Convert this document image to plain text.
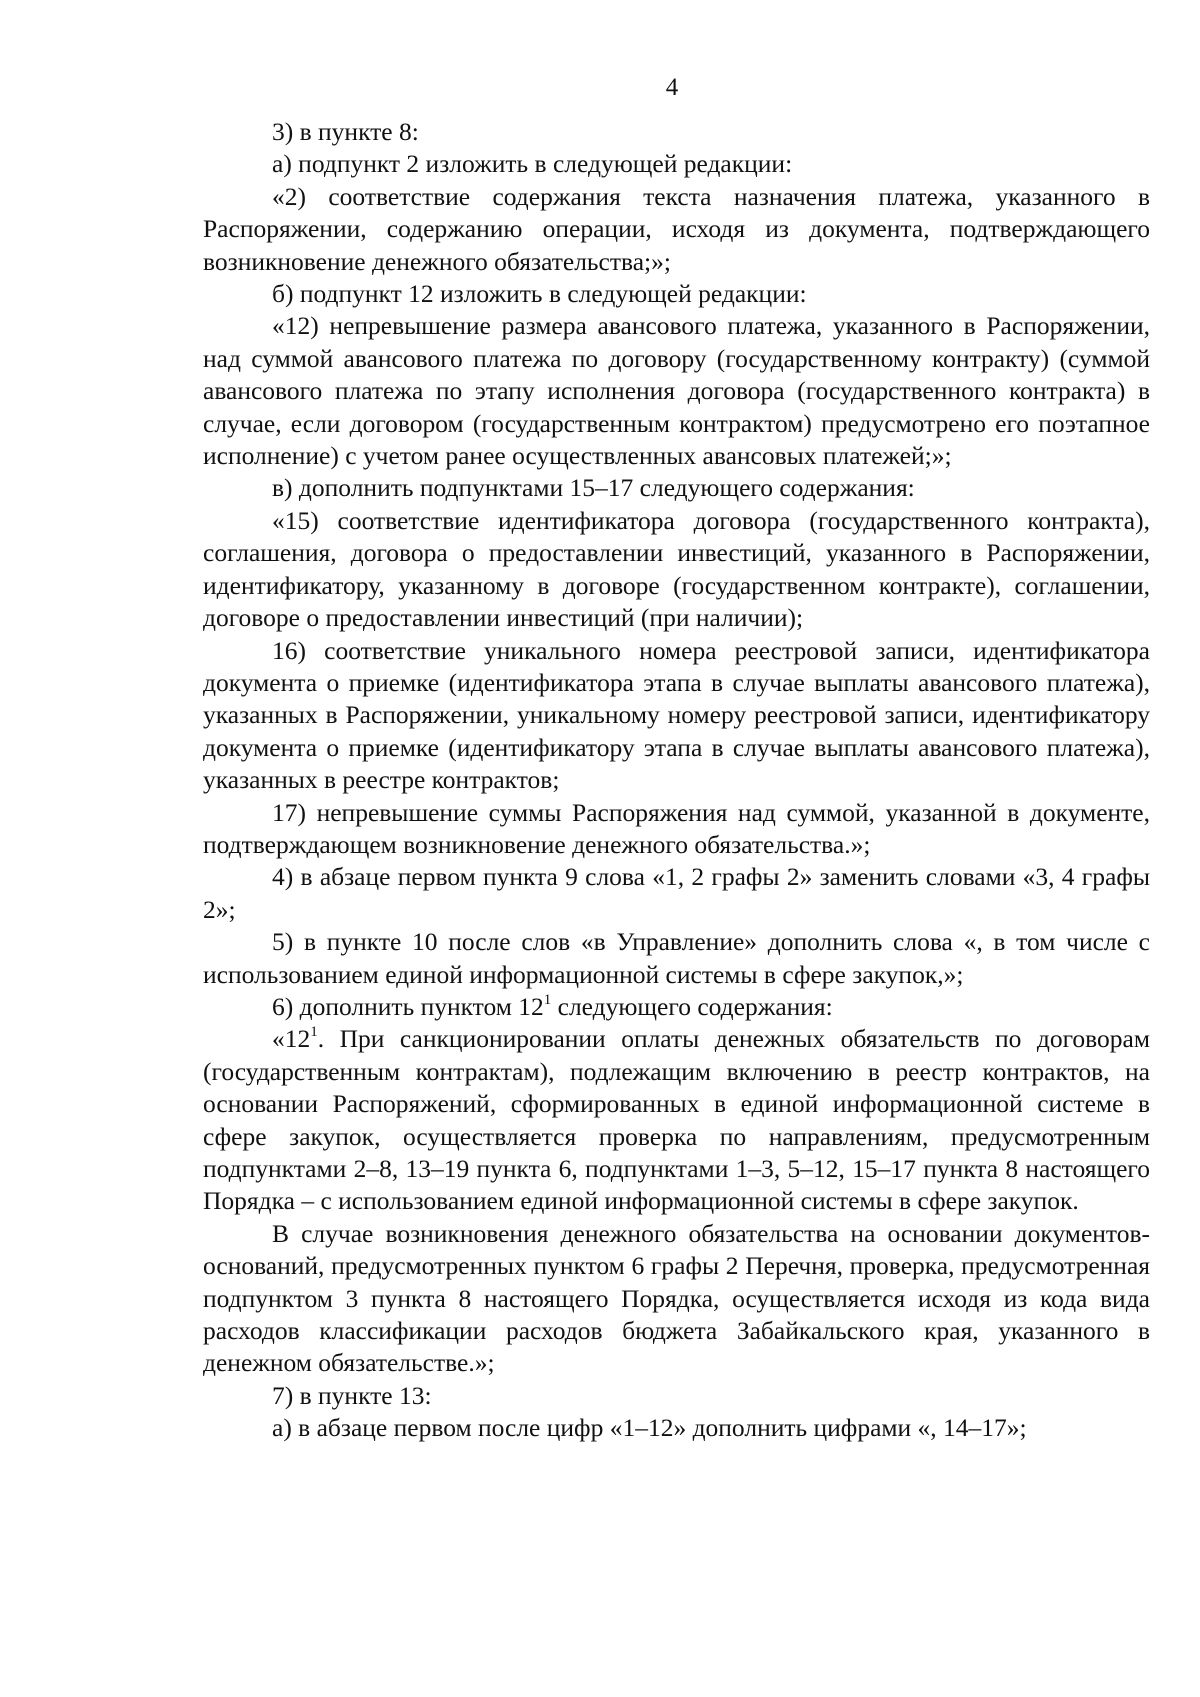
4

3) в пункте 8:

а) подпункт 2 изложить в следующей редакции:

«2) соответствие содержания текста назначения платежа, указанного в Распоряжении, содержанию операции, исходя из документа, подтверждающего возникновение денежного обязательства;»;

б) подпункт 12 изложить в следующей редакции:

«12) непревышение размера авансового платежа, указанного в Распоряжении, над суммой авансового платежа по договору (государственному контракту) (суммой авансового платежа по этапу исполнения договора (государственного контракта) в случае, если договором (государственным контрактом) предусмотрено его поэтапное исполнение) с учетом ранее осуществленных авансовых платежей;»;

в) дополнить подпунктами 15–17 следующего содержания:

«15) соответствие идентификатора договора (государственного контракта), соглашения, договора о предоставлении инвестиций, указанного в Распоряжении, идентификатору, указанному в договоре (государственном контракте), соглашении, договоре о предоставлении инвестиций (при наличии);

16) соответствие уникального номера реестровой записи, идентификатора документа о приемке (идентификатора этапа в случае выплаты авансового платежа), указанных в Распоряжении, уникальному номеру реестровой записи, идентификатору документа о приемке (идентификатору этапа в случае выплаты авансового платежа), указанных в реестре контрактов;

17) непревышение суммы Распоряжения над суммой, указанной в документе, подтверждающем возникновение денежного обязательства.»;

4) в абзаце первом пункта 9 слова «1, 2 графы 2» заменить словами «3, 4 графы 2»;

5) в пункте 10 после слов «в Управление» дополнить слова «, в том числе с использованием единой информационной системы в сфере закупок,»;

6) дополнить пунктом $12^1$ следующего содержания:

«$12^1$. При санкционировании оплаты денежных обязательств по договорам (государственным контрактам), подлежащим включению в реестр контрактов, на основании Распоряжений, сформированных в единой информационной системе в сфере закупок, осуществляется проверка по направлениям, предусмотренным подпунктами 2–8, 13–19 пункта 6, подпунктами 1–3, 5–12, 15–17 пункта 8 настоящего Порядка – с использованием единой информационной системы в сфере закупок.

В случае возникновения денежного обязательства на основании документов-оснований, предусмотренных пунктом 6 графы 2 Перечня, проверка, предусмотренная подпунктом 3 пункта 8 настоящего Порядка, осуществляется исходя из кода вида расходов классификации расходов бюджета Забайкальского края, указанного в денежном обязательстве.»;

7) в пункте 13:

а) в абзаце первом после цифр «1–12» дополнить цифрами «, 14–17»;
